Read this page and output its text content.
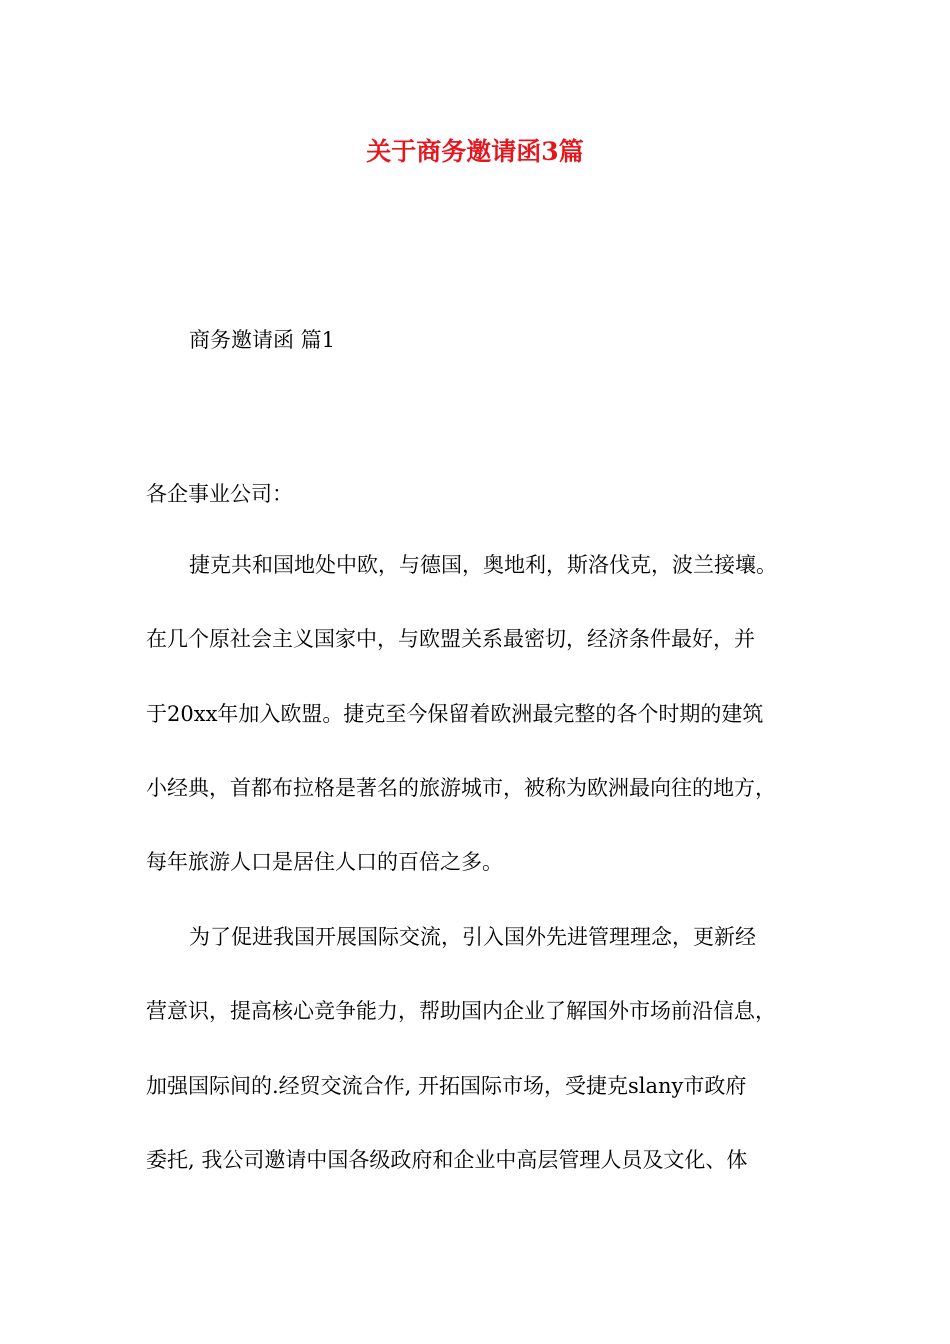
关于商务邀请函3篇
商务邀请函 篇1
各企事业公司：
捷克共和国地处中欧，与德国，奥地利，斯洛伐克，波兰接壤。
在几个原社会主义国家中，与欧盟关系最密切，经济条件最好，并
于20xx年加入欧盟。捷克至今保留着欧洲最完整的各个时期的建筑
小经典，首都布拉格是著名的旅游城市，被称为欧洲最向往的地方，
每年旅游人口是居住人口的百倍之多。
为了促进我国开展国际交流，引入国外先进管理理念，更新经
营意识，提高核心竞争能力，帮助国内企业了解国外市场前沿信息，
加强国际间的.经贸交流合作, 开拓国际市场，受捷克slany市政府
委托, 我公司邀请中国各级政府和企业中高层管理人员及文化、体
